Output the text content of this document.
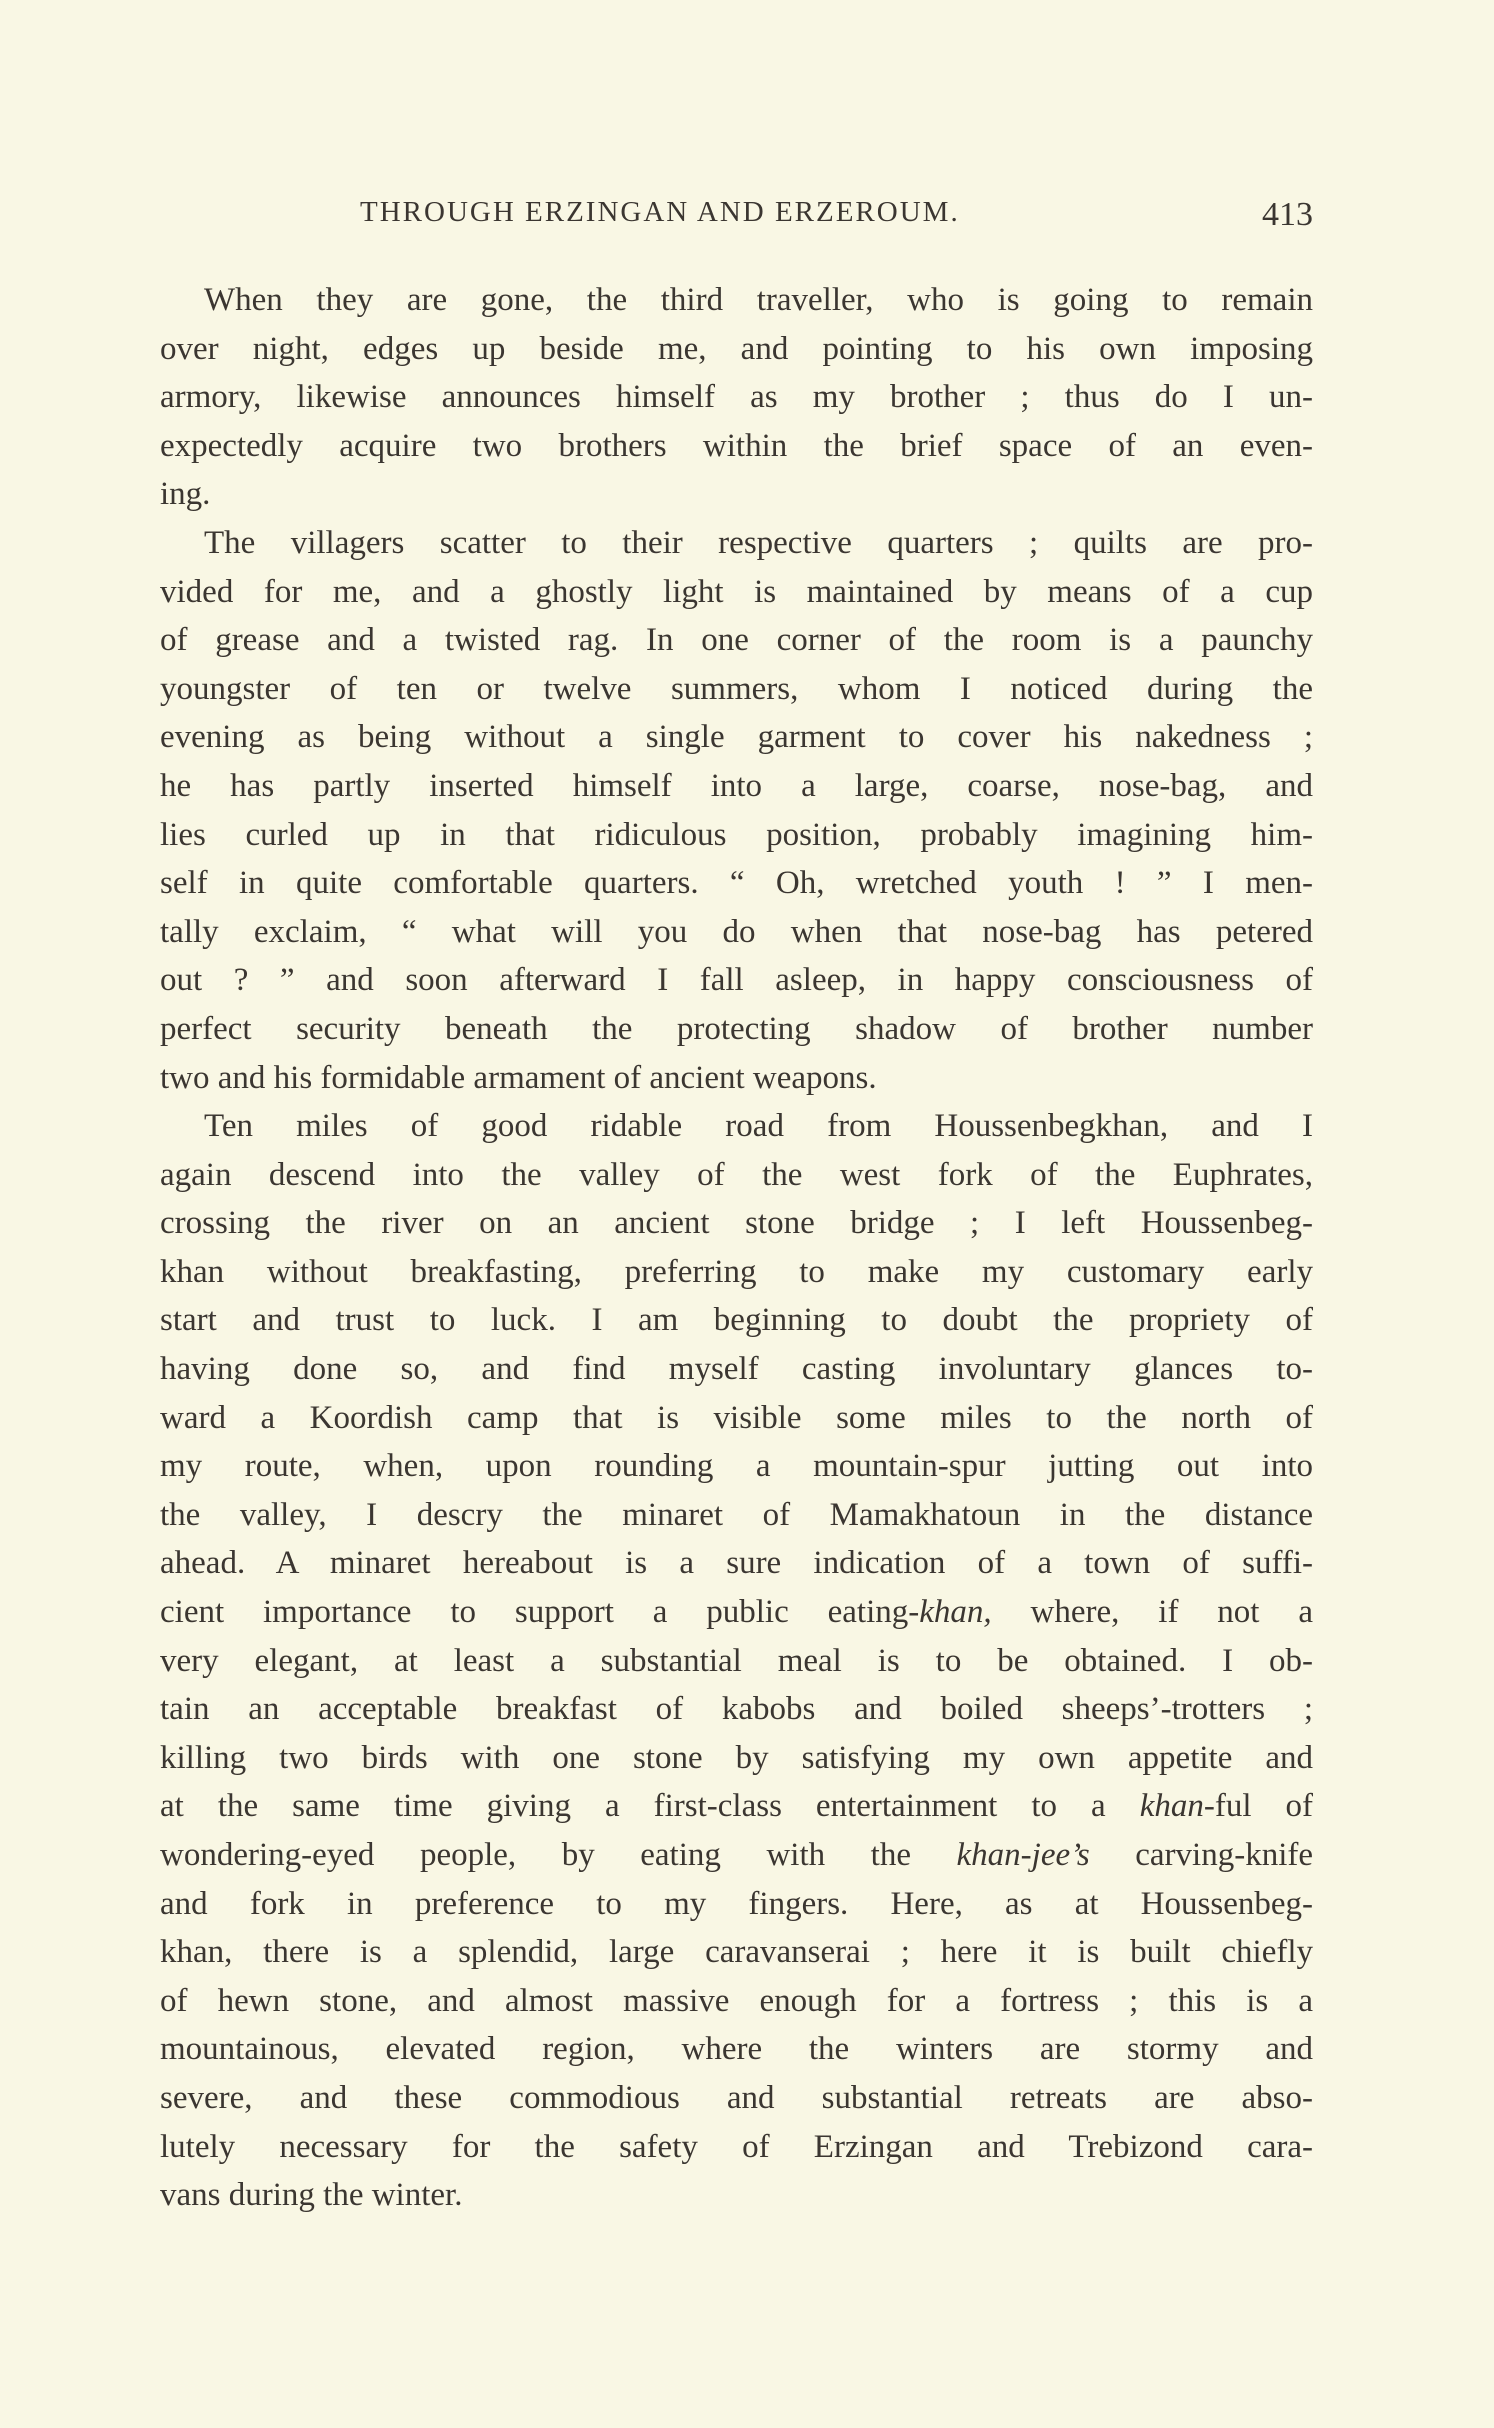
THROUGH ERZINGAN AND ERZEROUM.	413
When they are gone, the third traveller, who is going to remain
over night, edges up beside me, and pointing to his own imposing
armory, likewise announces himself as my brother ; thus do I un-
expectedly acquire two brothers within the brief space of an even-
ing.
The villagers scatter to their respective quarters ; quilts are pro-
vided for me, and a ghostly light is maintained by means of a cup
of grease and a twisted rag. In one corner of the room is a paunchy
youngster of ten or twelve summers, whom I noticed during the
evening as being without a single garment to cover his nakedness ;
he has partly inserted himself into a large, coarse, nose-bag, and
lies curled up in that ridiculous position, probably imagining him-
self in quite comfortable quarters. “ Oh, wretched youth ! ” I men-
tally exclaim, “ what will you do when that nose-bag has petered
out ? ” and soon afterward I fall asleep, in happy consciousness of
perfect security beneath the protecting shadow of brother number
two and his formidable armament of ancient weapons.
Ten miles of good ridable road from Houssenbegkhan, and I
again descend into the valley of the west fork of the Euphrates,
crossing the river on an ancient stone bridge ; I left Houssenbeg-
khan without breakfasting, preferring to make my customary early
start and trust to luck. I am beginning to doubt the propriety of
having done so, and find myself casting involuntary glances to-
ward a Koordish camp that is visible some miles to the north of
my route, when, upon rounding a mountain-spur jutting out into
the valley, I descry the minaret of Mamakhatoun in the distance
ahead. A minaret hereabout is a sure indication of a town of suffi-
cient importance to support a public eating-khan, where, if not a
very elegant, at least a substantial meal is to be obtained. I ob-
tain an acceptable breakfast of kabobs and boiled sheeps’-trotters ;
killing two birds with one stone by satisfying my own appetite and
at the same time giving a first-class entertainment to a khan-ful of
wondering-eyed people, by eating with the khan-jee’s carving-knife
and fork in preference to my fingers. Here, as at Houssenbeg-
khan, there is a splendid, large caravanserai ; here it is built chiefly
of hewn stone, and almost massive enough for a fortress ; this is a
mountainous, elevated region, where the winters are stormy and
severe, and these commodious and substantial retreats are abso-
lutely necessary for the safety of Erzingan and Trebizond cara-
vans during the winter.
